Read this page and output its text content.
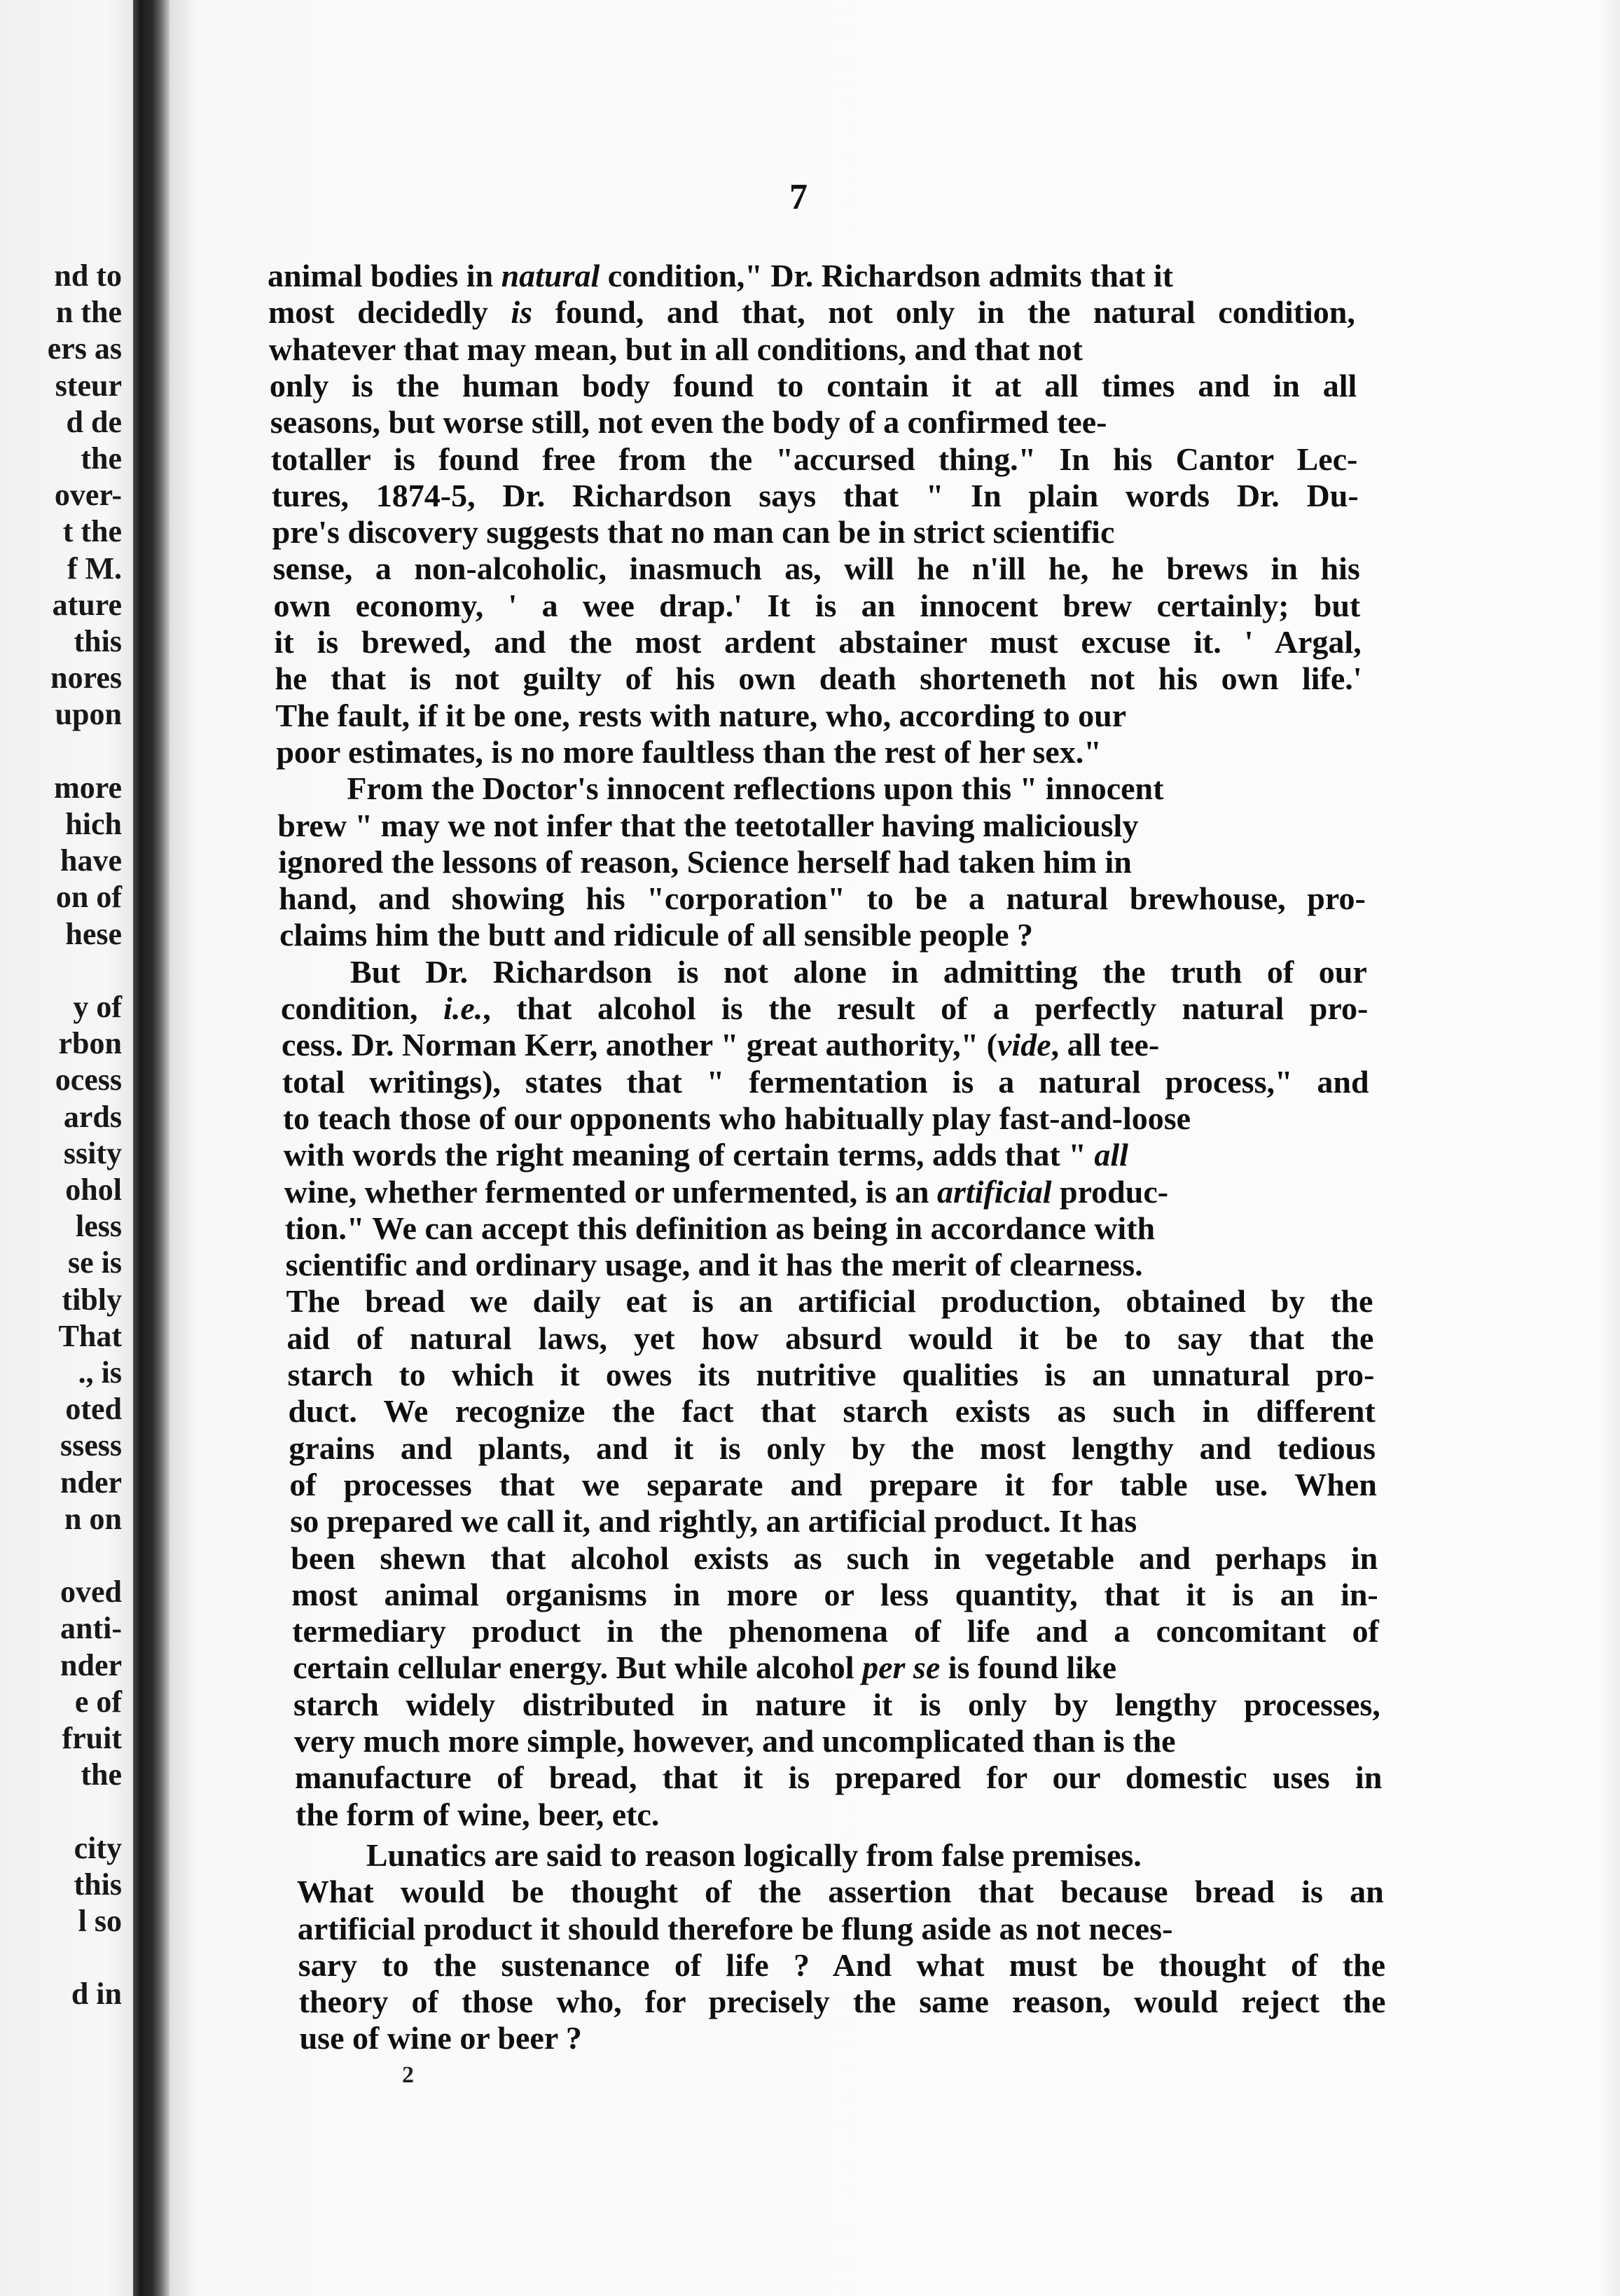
nd to
n the
ers as
steur
d de
the
over-
t the
f M.
ature
this
nores
upon
more
hich
have
on of
hese
y of
rbon
ocess
ards
ssity
ohol
less
se is
tibly
That
., is
oted
ssess
nder
n on
oved
anti-
nder
e of
fruit
the
city
this
l so
d in
7
animal bodies in natural condition," Dr. Richardson admits that it
most decidedly is found, and that, not only in the natural condition,
whatever that may mean, but in all conditions, and that not
only is the human body found to contain it at all times and in all
seasons, but worse still, not even the body of a confirmed tee-
totaller is found free from the "accursed thing." In his Cantor Lec-
tures, 1874-5, Dr. Richardson says that " In plain words Dr. Du-
pre's discovery suggests that no man can be in strict scientific
sense, a non-alcoholic, inasmuch as, will he n'ill he, he brews in his
own economy, ' a wee drap.' It is an innocent brew certainly; but
it is brewed, and the most ardent abstainer must excuse it. ' Argal,
he that is not guilty of his own death shorteneth not his own life.'
The fault, if it be one, rests with nature, who, according to our
poor estimates, is no more faultless than the rest of her sex."
From the Doctor's innocent reflections upon this " innocent
brew " may we not infer that the teetotaller having maliciously
ignored the lessons of reason, Science herself had taken him in
hand, and showing his "corporation" to be a natural brewhouse, pro-
claims him the butt and ridicule of all sensible people ?
But Dr. Richardson is not alone in admitting the truth of our
condition, i.e., that alcohol is the result of a perfectly natural pro-
cess. Dr. Norman Kerr, another " great authority," (vide, all tee-
total writings), states that " fermentation is a natural process," and
to teach those of our opponents who habitually play fast-and-loose
with words the right meaning of certain terms, adds that " all
wine, whether fermented or unfermented, is an artificial produc-
tion." We can accept this definition as being in accordance with
scientific and ordinary usage, and it has the merit of clearness.
The bread we daily eat is an artificial production, obtained by the
aid of natural laws, yet how absurd would it be to say that the
starch to which it owes its nutritive qualities is an unnatural pro-
duct. We recognize the fact that starch exists as such in different
grains and plants, and it is only by the most lengthy and tedious
of processes that we separate and prepare it for table use. When
so prepared we call it, and rightly, an artificial product. It has
been shewn that alcohol exists as such in vegetable and perhaps in
most animal organisms in more or less quantity, that it is an in-
termediary product in the phenomena of life and a concomitant of
certain cellular energy. But while alcohol per se is found like
starch widely distributed in nature it is only by lengthy processes,
very much more simple, however, and uncomplicated than is the
manufacture of bread, that it is prepared for our domestic uses in
the form of wine, beer, etc.
Lunatics are said to reason logically from false premises.
What would be thought of the assertion that because bread is an
artificial product it should therefore be flung aside as not neces-
sary to the sustenance of life ? And what must be thought of the
theory of those who, for precisely the same reason, would reject the
use of wine or beer ?
2
